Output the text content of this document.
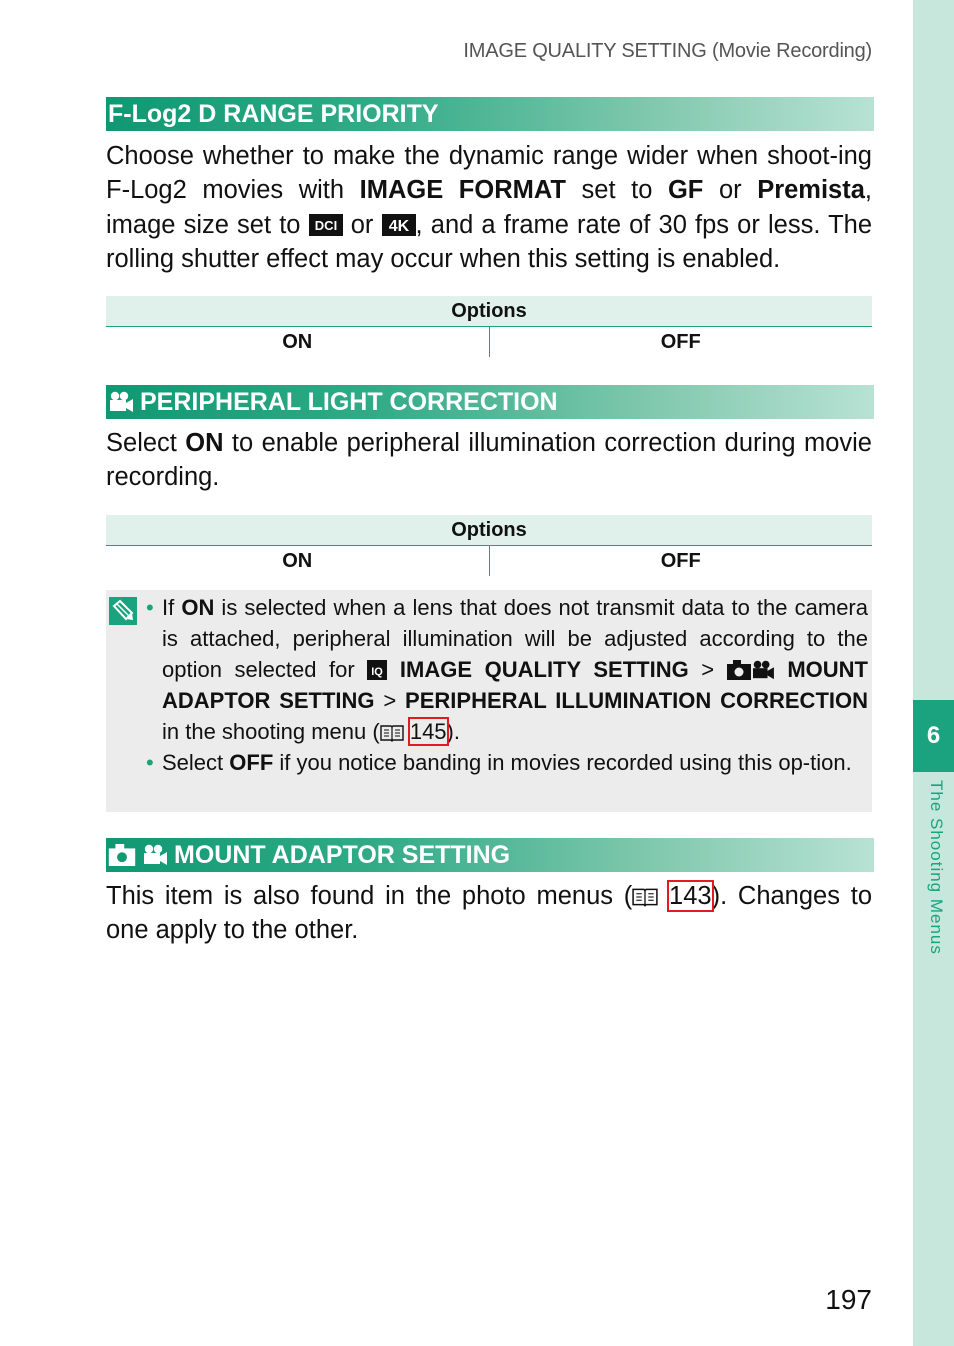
IMAGE QUALITY SETTING (Movie Recording)
6
The Shooting Menus
F-Log2 D RANGE PRIORITY

Choose whether to make the dynamic range wider when shoot-ing F-Log2 movies with IMAGE FORMAT set to GF or Premista, image size set to DCI or 4K , and a frame rate of 30 fps or less. The rolling shutter effect may occur when this setting is enabled.

Options
ON	OFF
PERIPHERAL LIGHT CORRECTION

Select ON to enable peripheral illumination correction during movie recording.

Options
ON	OFF
• If ON is selected when a lens that does not transmit data to the camera is attached, peripheral illumination will be adjusted according to the option selected for IQ IMAGE QUALITY SETTING >	MOUNT ADAPTOR SETTING > PERIPHERAL ILLUMINATION CORRECTION in the shooting menu ( 145).
• Select OFF if you notice banding in movies recorded using this op-tion.
MOUNT ADAPTOR SETTING

This item is also found in the photo menus ( 143). Changes to one apply to the other.

197
